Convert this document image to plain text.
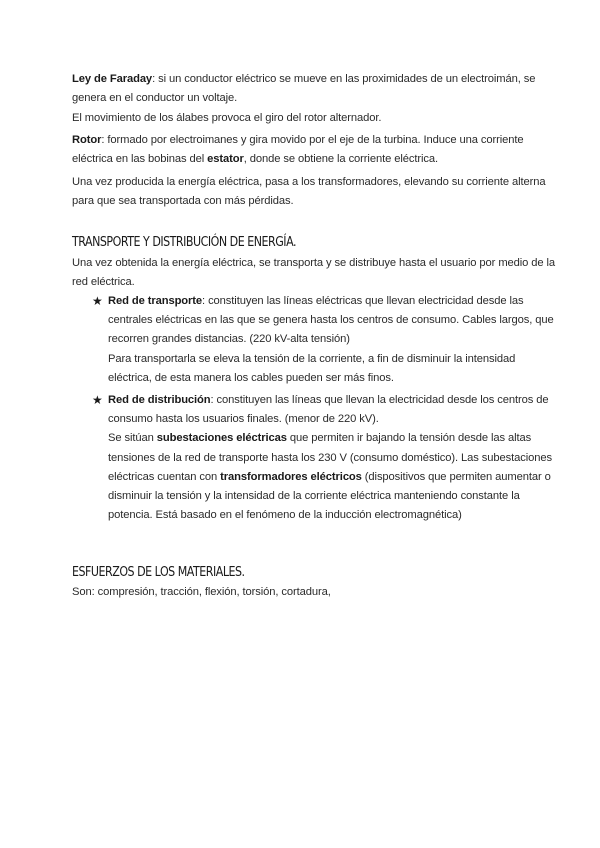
Ley de Faraday: si un conductor eléctrico se mueve en las proximidades de un electroimán, se genera en el conductor un voltaje.

El movimiento de los álabes provoca el giro del rotor alternador.

Rotor: formado por electroimanes y gira movido por el eje de la turbina. Induce una corriente eléctrica en las bobinas del estator, donde se obtiene la corriente eléctrica.

Una vez producida la energía eléctrica, pasa a los transformadores, elevando su corriente alterna para que sea transportada con más pérdidas.

TRANSPORTE Y DISTRIBUCIÓN DE ENERGÍA.

Una vez obtenida la energía eléctrica, se transporta y se distribuye hasta el usuario por medio de la red eléctrica.

★ Red de transporte: constituyen las líneas eléctricas que llevan electricidad desde las centrales eléctricas en las que se genera hasta los centros de consumo. Cables largos, que recorren grandes distancias. (220 kV-alta tensión)
Para transportarla se eleva la tensión de la corriente, a fin de disminuir la intensidad eléctrica, de esta manera los cables pueden ser más finos.

★ Red de distribución: constituyen las líneas que llevan la electricidad desde los centros de consumo hasta los usuarios finales. (menor de 220 kV).
Se sitúan subestaciones eléctricas que permiten ir bajando la tensión desde las altas tensiones de la red de transporte hasta los 230 V (consumo doméstico). Las subestaciones eléctricas cuentan con transformadores eléctricos (dispositivos que permiten aumentar o disminuir la tensión y la intensidad de la corriente eléctrica manteniendo constante la potencia. Está basado en el fenómeno de la inducción electromagnética)

ESFUERZOS DE LOS MATERIALES.

Son: compresión, tracción, flexión, torsión, cortadura,
